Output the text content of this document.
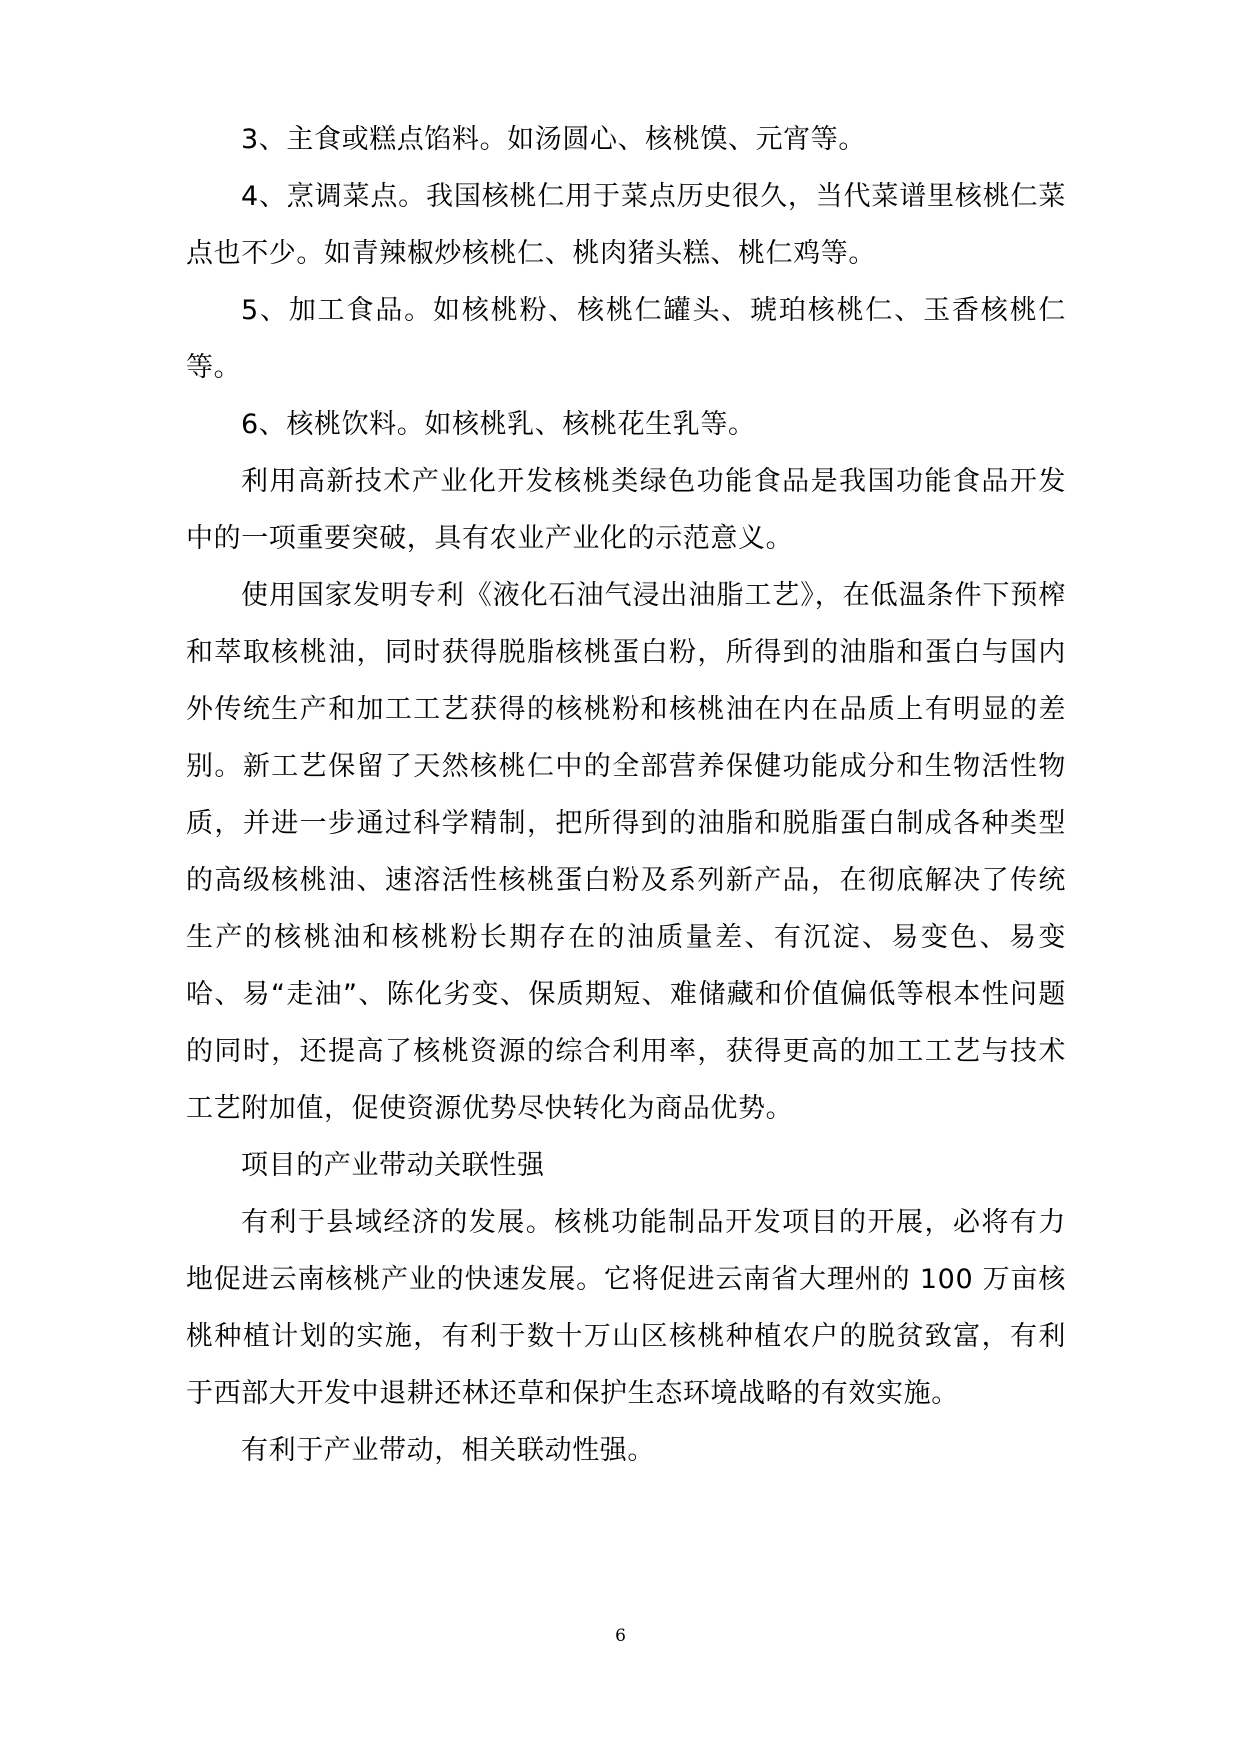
3、主食或糕点馅料。如汤圆心、核桃馍、元宵等。

4、烹调菜点。我国核桃仁用于菜点历史很久，当代菜谱里核桃仁菜点也不少。如青辣椒炒核桃仁、桃肉猪头糕、桃仁鸡等。

5、加工食品。如核桃粉、核桃仁罐头、琥珀核桃仁、玉香核桃仁等。

6、核桃饮料。如核桃乳、核桃花生乳等。

利用高新技术产业化开发核桃类绿色功能食品是我国功能食品开发中的一项重要突破，具有农业产业化的示范意义。

使用国家发明专利《液化石油气浸出油脂工艺》，在低温条件下预榨和萃取核桃油，同时获得脱脂核桃蛋白粉，所得到的油脂和蛋白与国内外传统生产和加工工艺获得的核桃粉和核桃油在内在品质上有明显的差别。新工艺保留了天然核桃仁中的全部营养保健功能成分和生物活性物质，并进一步通过科学精制，把所得到的油脂和脱脂蛋白制成各种类型的高级核桃油、速溶活性核桃蛋白粉及系列新产品，在彻底解决了传统生产的核桃油和核桃粉长期存在的油质量差、有沉淀、易变色、易变哈、易“走油”、陈化劣变、保质期短、难储藏和价值偏低等根本性问题的同时，还提高了核桃资源的综合利用率，获得更高的加工工艺与技术工艺附加值，促使资源优势尽快转化为商品优势。

项目的产业带动关联性强

有利于县域经济的发展。核桃功能制品开发项目的开展，必将有力地促进云南核桃产业的快速发展。它将促进云南省大理州的 100 万亩核桃种植计划的实施，有利于数十万山区核桃种植农户的脱贫致富，有利于西部大开发中退耕还林还草和保护生态环境战略的有效实施。

有利于产业带动，相关联动性强。

6
